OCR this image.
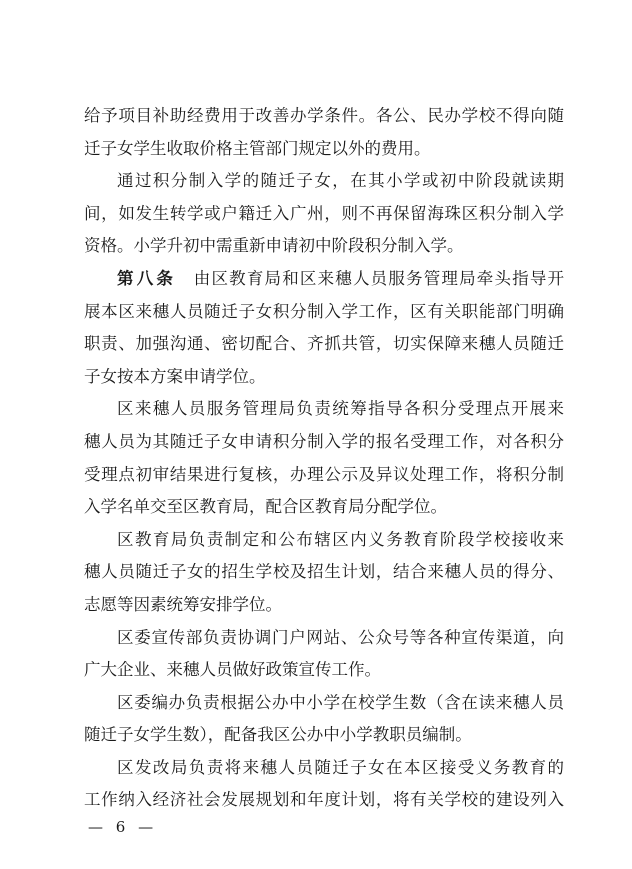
给予项目补助经费用于改善办学条件。各公、民办学校不得向随
迁子女学生收取价格主管部门规定以外的费用。
通过积分制入学的随迁子女，在其小学或初中阶段就读期
间，如发生转学或户籍迁入广州，则不再保留海珠区积分制入学
资格。小学升初中需重新申请初中阶段积分制入学。
第八条　 由区教育局和区来穗人员服务管理局牵头指导开
展本区来穗人员随迁子女积分制入学工作，区有关职能部门明确
职责、加强沟通、密切配合、齐抓共管，切实保障来穗人员随迁
子女按本方案申请学位。
区来穗人员服务管理局负责统筹指导各积分受理点开展来
穗人员为其随迁子女申请积分制入学的报名受理工作，对各积分
受理点初审结果进行复核，办理公示及异议处理工作，将积分制
入学名单交至区教育局，配合区教育局分配学位。
区教育局负责制定和公布辖区内义务教育阶段学校接收来
穗人员随迁子女的招生学校及招生计划，结合来穗人员的得分、
志愿等因素统筹安排学位。
区委宣传部负责协调门户网站、公众号等各种宣传渠道，向
广大企业、来穗人员做好政策宣传工作。
区委编办负责根据公办中小学在校学生数（含在读来穗人员
随迁子女学生数），配备我区公办中小学教职员编制。
区发改局负责将来穗人员随迁子女在本区接受义务教育的
工作纳入经济社会发展规划和年度计划，将有关学校的建设列入
— 6 —
